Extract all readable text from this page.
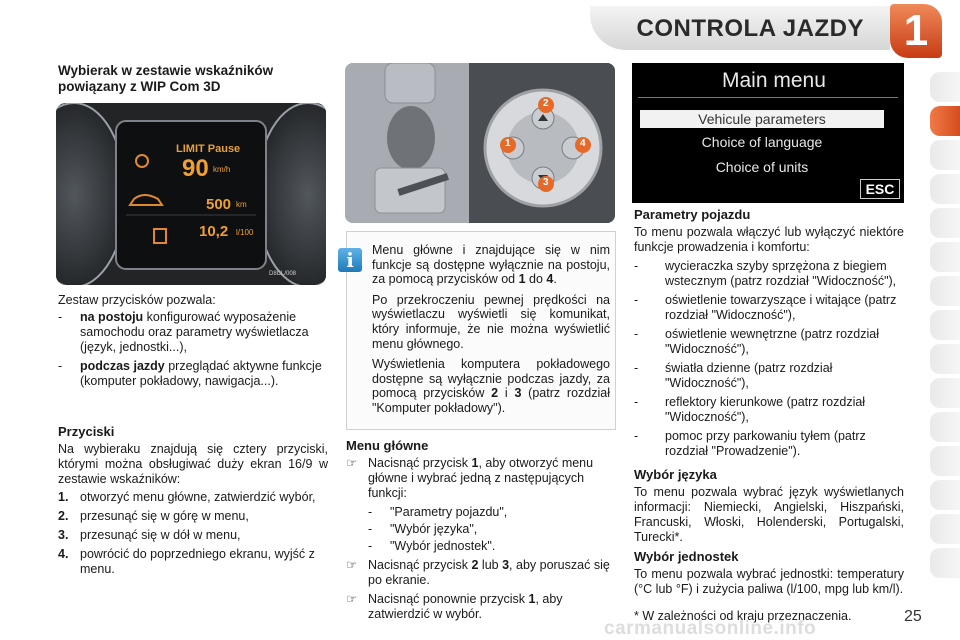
CONTROLA JAZDY 1
Wybierak w zestawie wskaźników
powiązany z WIP Com 3D
LIMIT Pause
90 km/h
500 km
10,2 l/100
D8CL/008
Zestaw przycisków pozwala:
-	na postoju konfigurować wyposażenie samochodu oraz parametry wyświetlacza (język, jednostki...),
-	podczas jazdy przeglądać aktywne funkcje (komputer pokładowy, nawigacja...).
Przyciski
Na wybieraku znajdują się cztery przyciski, którymi można obsługiwać duży ekran 16/9 w zestawie wskaźników:
1. otworzyć menu główne, zatwierdzić wybór,
2. przesunąć się w górę w menu,
3. przesunąć się w dół w menu,
4. powrócić do poprzedniego ekranu, wyjść z menu.
2
1	4
3
i	Menu główne i znajdujące się w nim funkcje są dostępne wyłącznie na postoju, za pomocą przycisków od 1 do 4.

Po przekroczeniu pewnej prędkości na wyświetlaczu wyświetli się komunikat, który informuje, że nie można wyświetlić menu głównego.

Wyświetlenia komputera pokładowego dostępne są wyłącznie podczas jazdy, za pomocą przycisków 2 i 3 (patrz rozdział "Komputer pokładowy").

Menu główne
☞ Nacisnąć przycisk 1, aby otworzyć menu główne i wybrać jedną z następujących funkcji:
-	"Parametry pojazdu",
-	"Wybór języka",
-	"Wybór jednostek".
☞ Nacisnąć przycisk 2 lub 3, aby poruszać się po ekranie.
☞ Nacisnąć ponownie przycisk 1, aby zatwierdzić w wybór.
Main menu
Vehicule parameters
Choice of language
Choice of units
ESC
Parametry pojazdu
To menu pozwala włączyć lub wyłączyć niektóre funkcje prowadzenia i komfortu:
-	wycieraczka szyby sprzężona z biegiem wstecznym (patrz rozdział "Widoczność"),
-	oświetlenie towarzyszące i witające (patrz rozdział "Widoczność"),
-	oświetlenie wewnętrzne (patrz rozdział "Widoczność"),
-	światła dzienne (patrz rozdział "Widoczność"),
-	reflektory kierunkowe (patrz rozdział "Widoczność"),
-	pomoc przy parkowaniu tyłem (patrz rozdział "Prowadzenie").
Wybór języka
To menu pozwala wybrać język wyświetlanych informacji: Niemiecki, Angielski, Hiszpański, Francuski, Włoski, Holenderski, Portugalski, Turecki*.
Wybór jednostek
To menu pozwala wybrać jednostki: temperatury (°C lub °F) i zużycia paliwa (l/100, mpg lub km/l).
* W zależności od kraju przeznaczenia.	25
carmanualsonline.info
